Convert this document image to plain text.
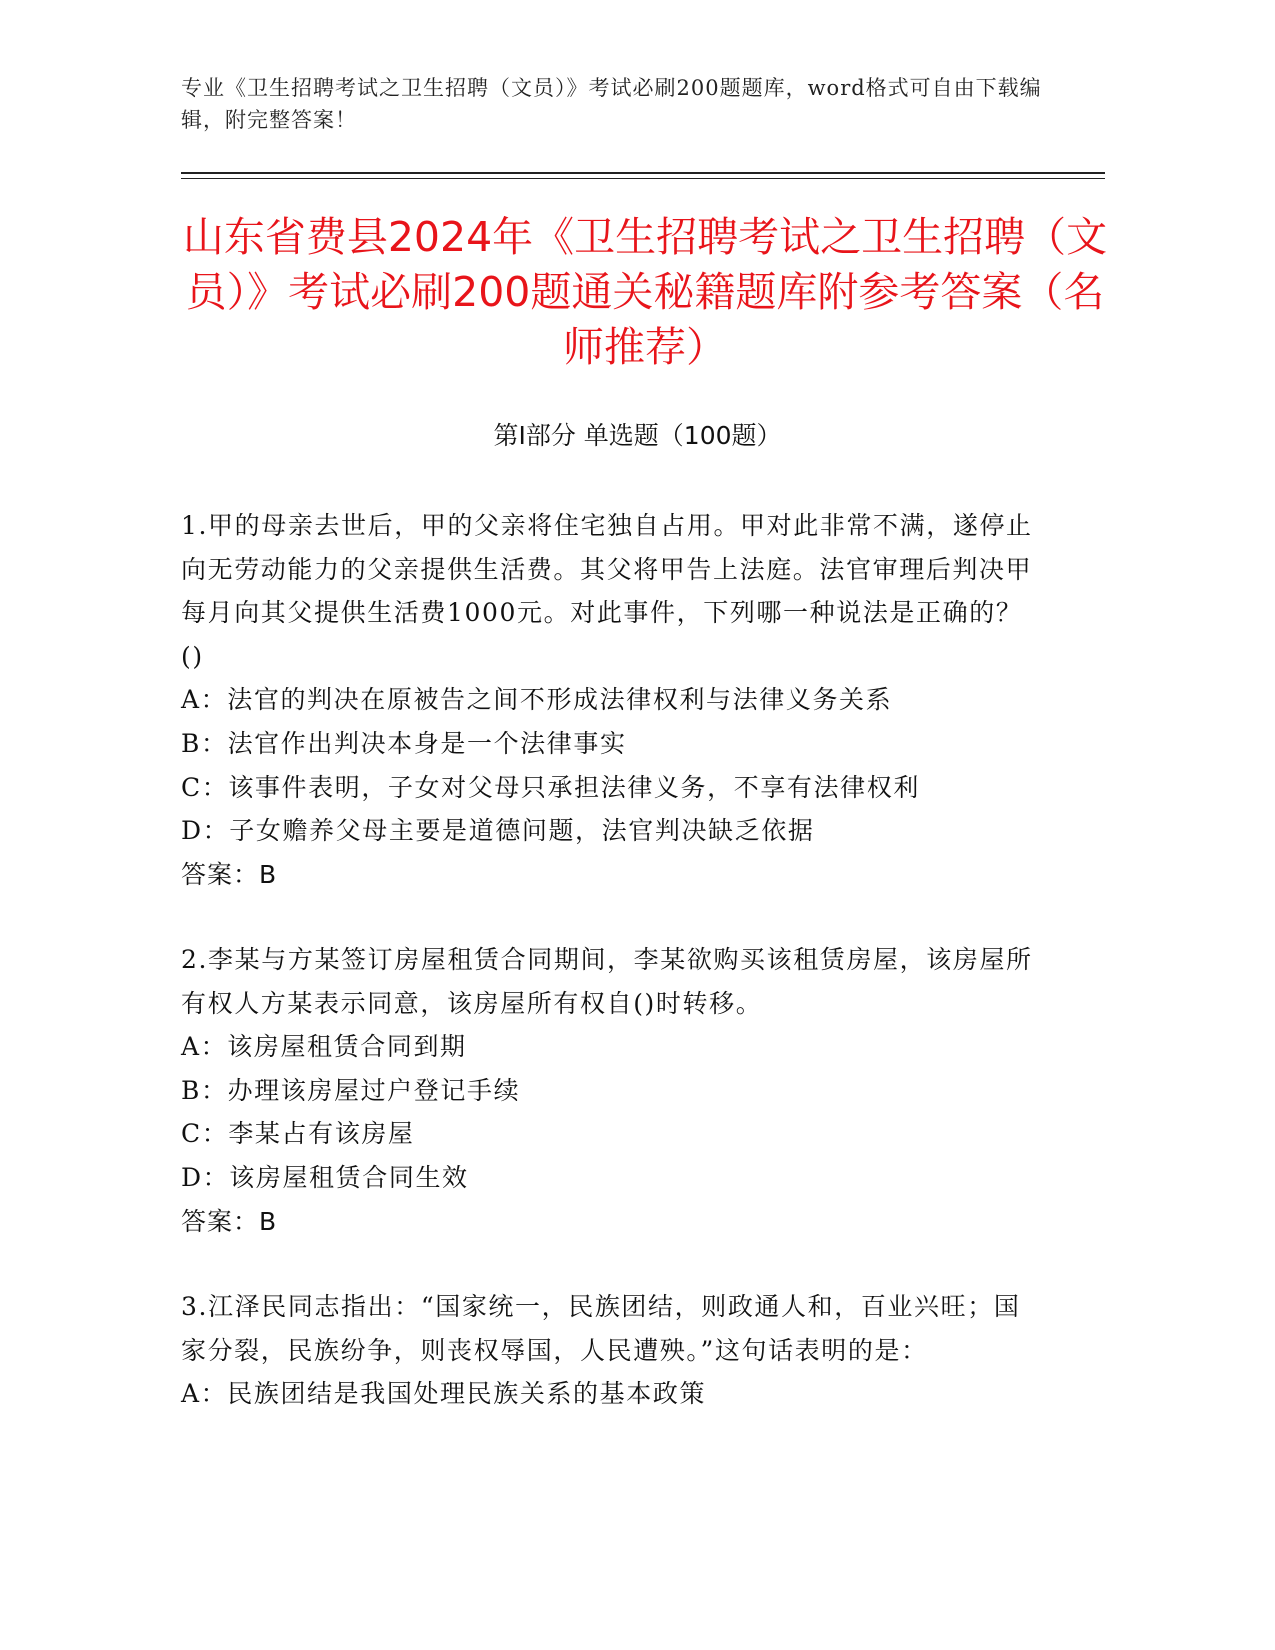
专业《卫生招聘考试之卫生招聘（文员）》考试必刷200题题库，word格式可自由下载编辑，附完整答案！
山东省费县2024年《卫生招聘考试之卫生招聘（文员）》考试必刷200题通关秘籍题库附参考答案（名师推荐）
第I部分 单选题（100题）
1.甲的母亲去世后，甲的父亲将住宅独自占用。甲对此非常不满，遂停止向无劳动能力的父亲提供生活费。其父将甲告上法庭。法官审理后判决甲每月向其父提供生活费1000元。对此事件，下列哪一种说法是正确的？()
A：法官的判决在原被告之间不形成法律权利与法律义务关系
B：法官作出判决本身是一个法律事实
C：该事件表明，子女对父母只承担法律义务，不享有法律权利
D：子女赡养父母主要是道德问题，法官判决缺乏依据
答案：B
2.李某与方某签订房屋租赁合同期间，李某欲购买该租赁房屋，该房屋所有权人方某表示同意，该房屋所有权自()时转移。
A：该房屋租赁合同到期
B：办理该房屋过户登记手续
C：李某占有该房屋
D：该房屋租赁合同生效
答案：B
3.江泽民同志指出：“国家统一，民族团结，则政通人和，百业兴旺；国家分裂，民族纷争，则丧权辱国，人民遭殃。”这句话表明的是：
A：民族团结是我国处理民族关系的基本政策
